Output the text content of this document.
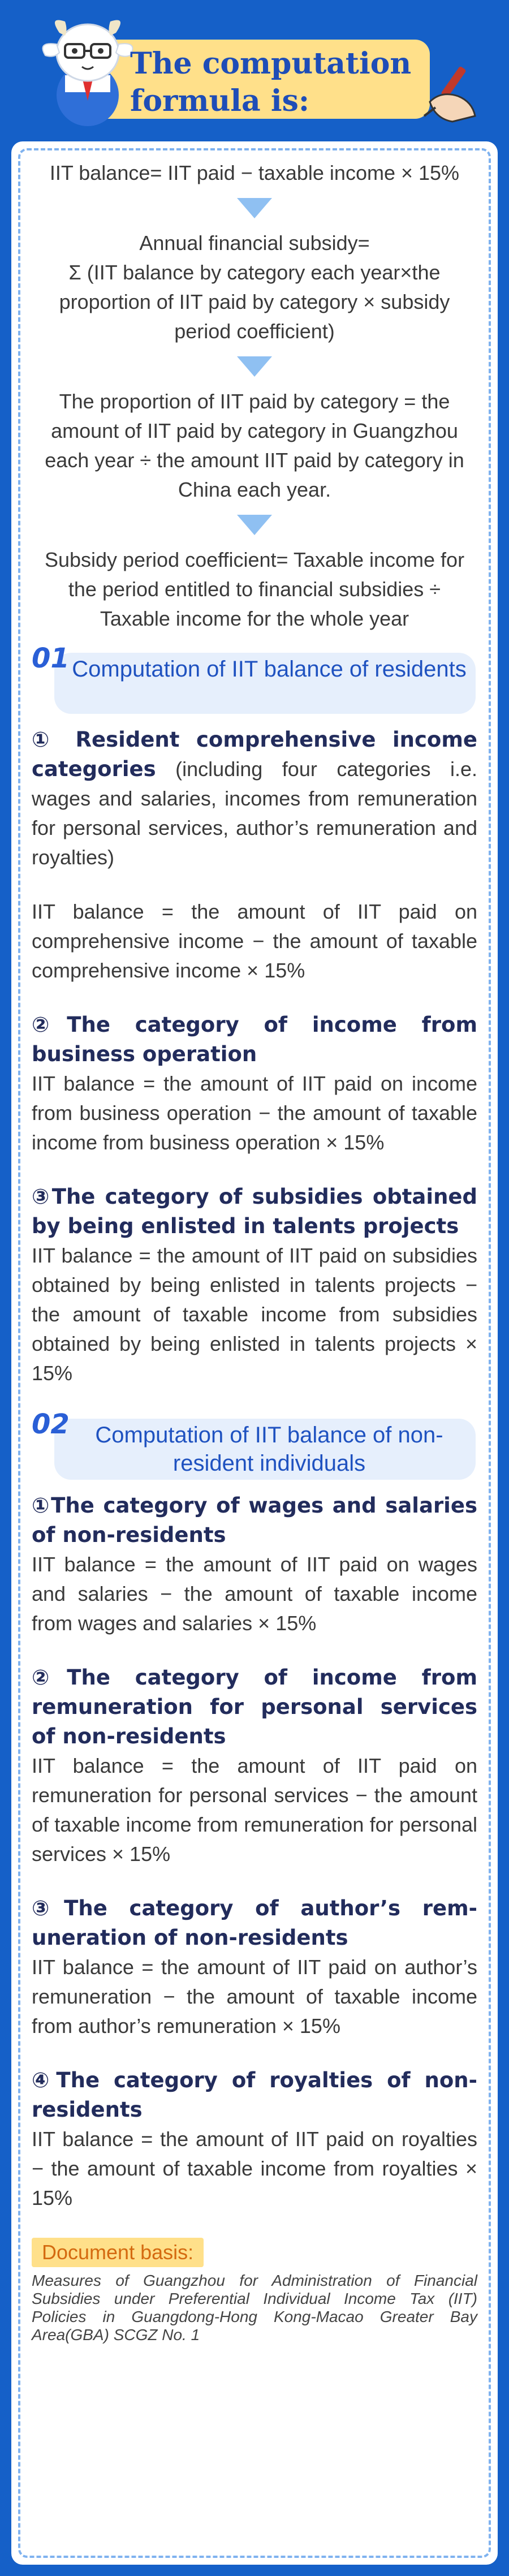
The computation
formula is:

IIT balance= IIT paid − taxable income × 15%

Annual financial subsidy=

Σ (IIT balance by category each year×the proportion of IIT paid by category × subsidy period coefficient)

The proportion of IIT paid by category = the amount of IIT paid by category in Guangzhou each year ÷ the amount IIT paid by category in China each year.

Subsidy period coefficient= Taxable income for the period entitled to financial subsidies ÷ Taxable income for the whole year

01 Computation of IIT balance of residents

① Resident comprehensive income categories (including four categories i.e. wages and salaries, incomes from remuneration for personal services, author’s remuneration and royalties)

IIT balance = the amount of IIT paid on comprehensive income − the amount of taxable comprehensive income × 15%

②The category of income from business operation

IIT balance = the amount of IIT paid on income from business operation − the amount of taxable income from business operation × 15%

③The category of subsidies obtained by being enlisted in talents projects

IIT balance = the amount of IIT paid on subsidies obtained by being enlisted in talents projects − the amount of taxable income from subsidies obtained by being enlisted in talents projects × 15%

02	Computation of IIT balance of non-resident individuals

①The category of wages and salaries of non-residents

IIT balance = the amount of IIT paid on wages and salaries − the amount of taxable income from wages and salaries × 15%

②The category of income from remuneration for personal services of non-residents

IIT balance = the amount of IIT paid on remuneration for personal services − the amount of taxable income from remuneration for personal services × 15%

③The category of author’s remuneration of non-residents

IIT balance = the amount of IIT paid on author’s remuneration − the amount of taxable income from author’s remuneration × 15%

④The category of royalties of non-residents

IIT balance = the amount of IIT paid on royalties − the amount of taxable income from royalties × 15%

Document basis:

Measures of Guangzhou for Administration of Financial Subsidies under Preferential Individual Income Tax (IIT) Policies in Guangdong-Hong Kong-Macao Greater Bay Area(GBA) SCGZ No. 1
